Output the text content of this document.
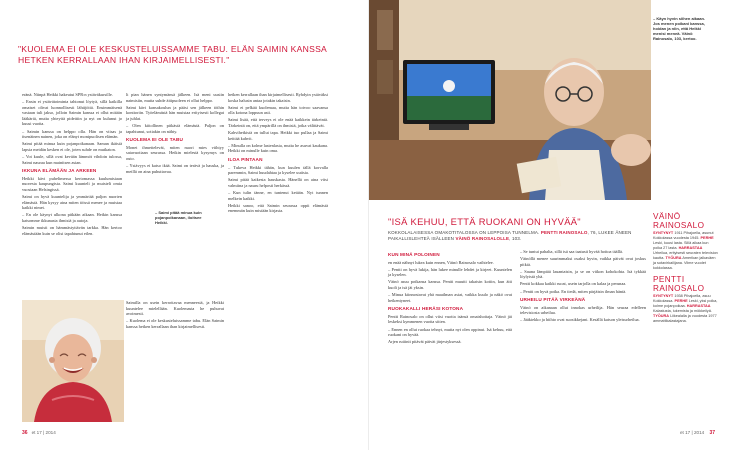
"KUOLEMA EI OLE KESKUSTELUISSAMME TABU. ELÄN SAIMIN KANSSA HETKEN KERRALLAAN IHAN KIRJAIMELLISESTI."

eränä. Niinpä Heikki hakeutui SPR:n ystäväkursille.

– Ensin ei ystävätoiminta tahtonut löytyä, sillä kaikilla omaiset olivat luonnollisesti lähtijöitä. Ensimmäisenä vastaan tuli jakso, jolloin Saimin kanssa ei ollut mitään lääkäriä, mutta yhteyttä pidettiin ja nyt on kulunut jo kuusi vuotta.

– Saimin kanssa on helppo olla. Hän on viisas ja itsenäinen nainen, joka on elänyt monipuolisen elämän.

Saimi pitää minua kuin pojanpoikanaan. Saman ikäisiä lapsia meidän kesken ei ole, joten suhde on mutkaton.

– Vot kuule, sillä ovat kevään lämmöt vihdoin tulossa, Saimi nauraa kun mainitsen asian.

IKKUNA ELÄMÄÄN JA ARKEEN

Heikki kävi puhelimessa kertomassa kuulumisiaan nuoresta kaupungista. Saimi kuunteli ja muisteli omia vuosiaan Helsingissä.

Saimi on hyvä kuuntelija ja ymmärtää paljon nuorten elämästä. Hän kysyy aina miten töissä menee ja muistaa kaikki nimet.

– En ole käynyt ulkona pitkään aikaan. Heikin kanssa katsomme ikkunasta ihmisiä ja autoja.

Saimin muisti on hämmästyttävän tarkka. Hän kertoo elämästään kuin se olisi tapahtunut eilen.

li pian hänen syntymänsä jälkeen. Isä meni uusiin naimisiin, mutta suhde äitipuoleen ei ollut helppo.

Saimi kävi kansakoulun ja pääsi sen jälkeen töihin konttoriin. Työelämästä hän muistaa erityisesti kollegat ja juhlat.

– Olen kiitollinen pitkästä elämästä. Paljon on tapahtunut, sotiakin on nähty.

KUOLEMA EI OLE TABU

Monet ihmettelevät, miten nuori mies viihtyy satavuotiaan seurassa. Heikin mielestä kysymys on outo.

– Ystävyys ei katso ikää. Saimi on terävä ja hauska, ja meillä on aina puhuttavaa.

– Saimi pitää minua kuin pojanpoikanaan, iloitsee Heikki.

Saimilla on usein kerrottavaa menneestä, ja Heikki kuuntelee mielellään. Kuolemasta he puhuvat avoimesti.

– Kuolema ei ole keskusteluissamme tabu. Elän Saimin kanssa hetken kerrallaan ihan kirjaimellisesti.

hetken kerrallaan ihan kirjaimellisesti. Ryhdyin ystäväksi koska halusin antaa jotakin takaisin.

Saimi ei pelkää kuolemaa, mutta hän toivoo saavansa olla kotona loppuun asti.

Saimi lisää, että terveys ei ole enää kaikkein tärkeintä. Tärkeintä on, että ympärillä on ihmisiä, jotka välittävät.

Kahvihetkistä on tullut tapa. Heikki tuo pullaa ja Saimi keittää kahvit.

– Minulla on kolme lastenlasta, mutta he asuvat kaukana. Heikki on minulle kuin oma.

ILOA PINTAAN

– Tukeva Heikki tähän, kun kuulen tällä korvalla paremmin, Saimi huudahtaa ja kyselee uutisia.

Saimi pitää kaikesta hauskasta. Hänellä on aina vitsi valmiina ja nauru helposti herkässä.

– Kun tulin tänne, en tuntenut ketään. Nyt tunnen melkein kaikki.

Heikki sanoo, että Saimin seurassa oppii elämästä enemmän kuin mistään kirjasta.

36 et 17 | 2014
– Käyn hyvin siihen aikaan. Jos menen poikani kanssa, hoidan ja niin, että Heikki menisi meneä. Väinö Rainosalo, 103, kertoo.
"ISÄ KEHUU, ETTÄ RUOKANI ON HYVÄÄ"
KOKKOLALAISESSA OMAKOTITALOSSA ON LEPPOISA TUNNELMA. PENTTI RAINOSALO, 76, LUKEE ÄNEEN PAIKALLISLEHTEÄ ISÄLLEEN VÄINÖ RAINOSALOLLE, 103.
KUN MINÄ POLOINEN

en enää nähnyt lukea kuin ennen, Väinö Rainosalo vaihtelee.

– Pentti on hyvä lukija, hän lukee minulle lehdet ja kirjeet. Kuuntelen ja kyselen.

Väinö asuu poikansa kanssa. Pentti muutti takaisin kotiin, kun äiti kuoli ja isä jäi yksin.

– Minua kiinnostavat yhä maailman asiat, vaikka kuulo ja näkö ovat heikentyneet.

RUOKAKALLI HERÄSI KOTONA

Pentti Rainosalo on ollut viisi vuotta isänsä omaishoitaja. Väinö jäi leskeksi kymmenen vuotta sitten.

– Ennen en ollut ruokaa tehnyt, mutta nyt olen oppinut. Isä kehuu, että ruokani on hyvää.

Arjen rutiinit pitävät päivät järjestyksessä.

– Se tuntui pahalta, sillä isä saa taatusti hyvää hoitoa täällä.

Väinöllä menee suurimmaksi osaksi hyvin, vaikka päivät ovat joskus pitkiä.

– Sauna lämpiää lauantaisin, ja se on viikon kohokohta. Isä tykkää löylyistä yhä.

Pentti kokkaa kaikki ruoat, usein tarjolla on kalaa ja perunaa.

– Pentti on hyvä poika. En tiedä, miten pärjäisin ilman häntä.

URHEILU PITÄÄ VIRKEÄNÄ

Väinö on aikanaan ollut innokas urheilija. Hän seuraa edelleen televisiosta urheilua.

– Jääkiekko ja hiihto ovat suosikkejani. Kesällä katson yleisurheilua.

VÄINÖ RAINOSALO
SYNTYNYT 1911 Pihajoella, asunut Kokkolassa vuodesta 1945. PERHE Leski, kuusi lasta. Sillä aikaa kun poika 27 lasta. HARRASTAA Urheilua, erityisesti seuraten television kautta. TYÖURA Amerikan jalkaväen ja sotavirkailijana. Viime vuodet kokkolassa.
PENTTI RAINOSALO
SYNTYNYT 1938 Pihajoella, asuu Kokkolassa. PERHE Leski, yksi poika, kolme pojanpoikaa. HARRASTAA Kalastusta, lukemista ja mökkeilyä. TYÖURA Liikealalla ja vuodesta 1977 ammattikalastajana.
et 17 | 2014 37
